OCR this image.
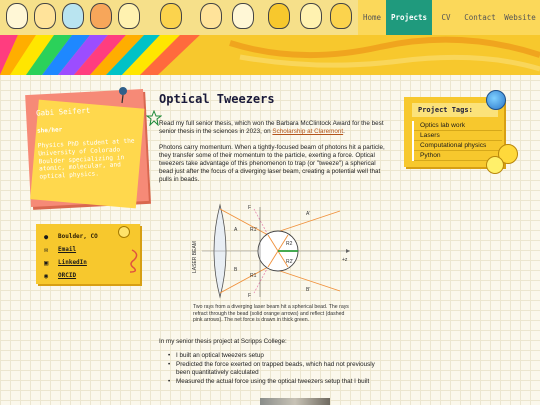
Home	Projects	CV	Contact	Website
Gabi Seifert
she/her
Physics PhD student at the University of Colorado Boulder specializing in atomic, molecular, and optical physics.
●	Boulder, CO
✉	Email
▣	LinkedIn
◉	ORCID
Optical Tweezers

Read my full senior thesis, which won the Barbara McClintock Award for the best senior thesis in the sciences in 2023, on Scholarship at Claremont.

Photons carry momentum. When a tightly-focused beam of photons hit a particle, they transfer some of their momentum to the particle, exerting a force. Optical tweezers take advantage of this phenomenon to trap (or "tweeze") a spherical bead just after the focus of a diverging laser beam, creating a potential well that pulls in beads.

LASER BEAM	+z
F
A'
A	R1'
R1
R2
R2'
B
B'
F

Two rays from a diverging laser beam hit a spherical bead. The rays refract through the bead (solid orange arrows) and reflect (dashed pink arrows). The net force is drawn in thick green.

In my senior thesis project at Scripps College:

• I built an optical tweezers setup
• Predicted the force exerted on trapped beads, which had not previously been quantitatively calculated
• Measured the actual force using the optical tweezers setup that I built
Project Tags:
Optics lab work
Lasers
Computational physics
Python
